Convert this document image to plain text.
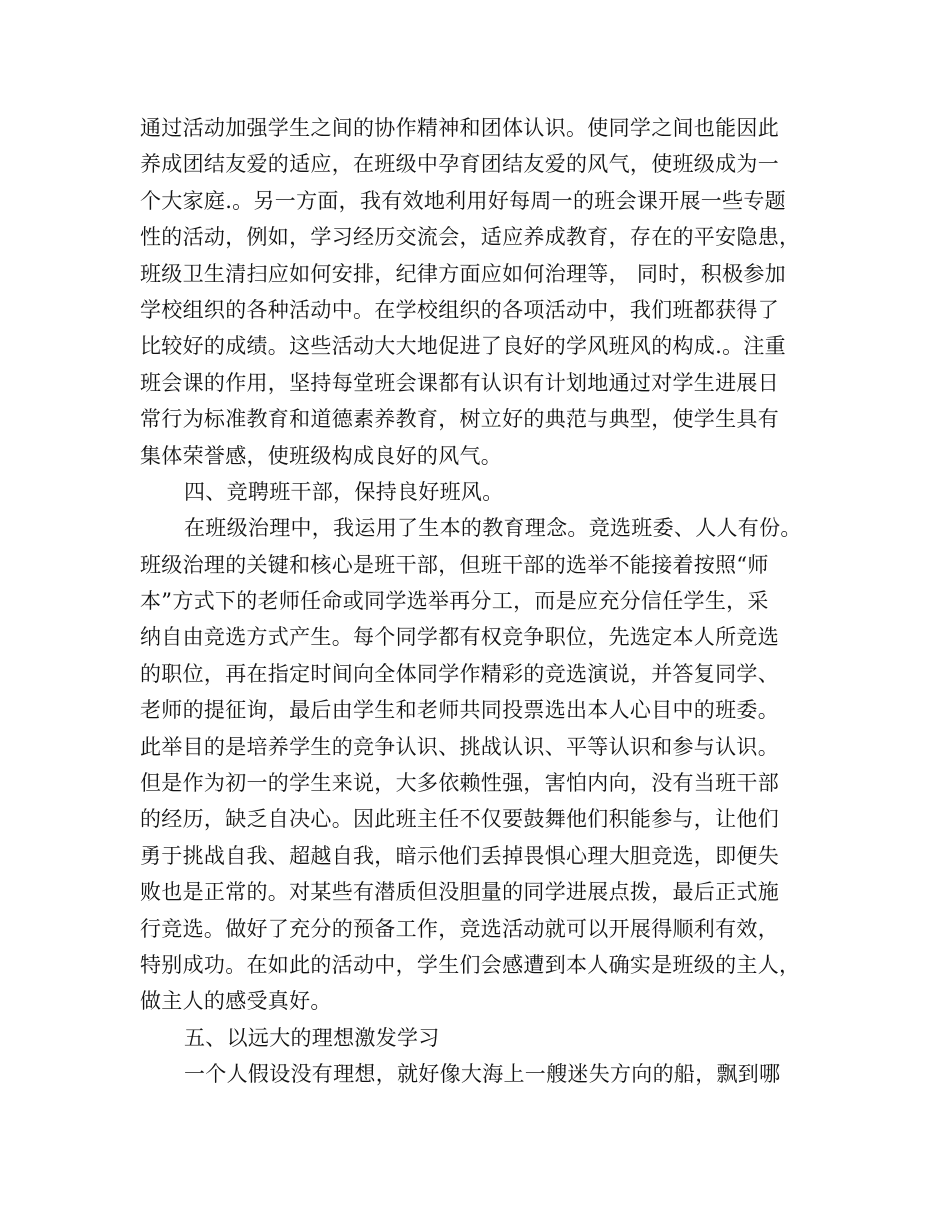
通过活动加强学生之间的协作精神和团体认识。使同学之间也能因此
养成团结友爱的适应，在班级中孕育团结友爱的风气，使班级成为一
个大家庭.。另一方面，我有效地利用好每周一的班会课开展一些专题
性的活动，例如，学习经历交流会，适应养成教育，存在的平安隐患，
班级卫生清扫应如何安排，纪律方面应如何治理等， 同时，积极参加
学校组织的各种活动中。在学校组织的各项活动中，我们班都获得了
比较好的成绩。这些活动大大地促进了良好的学风班风的构成.。注重
班会课的作用，坚持每堂班会课都有认识有计划地通过对学生进展日
常行为标准教育和道德素养教育，树立好的典范与典型，使学生具有
集体荣誉感，使班级构成良好的风气。
四、竞聘班干部，保持良好班风。
在班级治理中，我运用了生本的教育理念。竞选班委、人人有份。
班级治理的关键和核心是班干部，但班干部的选举不能接着按照“师
本”方式下的老师任命或同学选举再分工，而是应充分信任学生，采
纳自由竞选方式产生。每个同学都有权竞争职位，先选定本人所竞选
的职位，再在指定时间向全体同学作精彩的竞选演说，并答复同学、
老师的提征询，最后由学生和老师共同投票选出本人心目中的班委。
此举目的是培养学生的竞争认识、挑战认识、平等认识和参与认识。
但是作为初一的学生来说，大多依赖性强，害怕内向，没有当班干部
的经历，缺乏自决心。因此班主任不仅要鼓舞他们积能参与，让他们
勇于挑战自我、超越自我，暗示他们丢掉畏惧心理大胆竞选，即便失
败也是正常的。对某些有潜质但没胆量的同学进展点拨，最后正式施
行竞选。做好了充分的预备工作，竞选活动就可以开展得顺利有效，
特别成功。在如此的活动中，学生们会感遭到本人确实是班级的主人，
做主人的感受真好。
五、以远大的理想激发学习
一个人假设没有理想，就好像大海上一艘迷失方向的船，飘到哪
